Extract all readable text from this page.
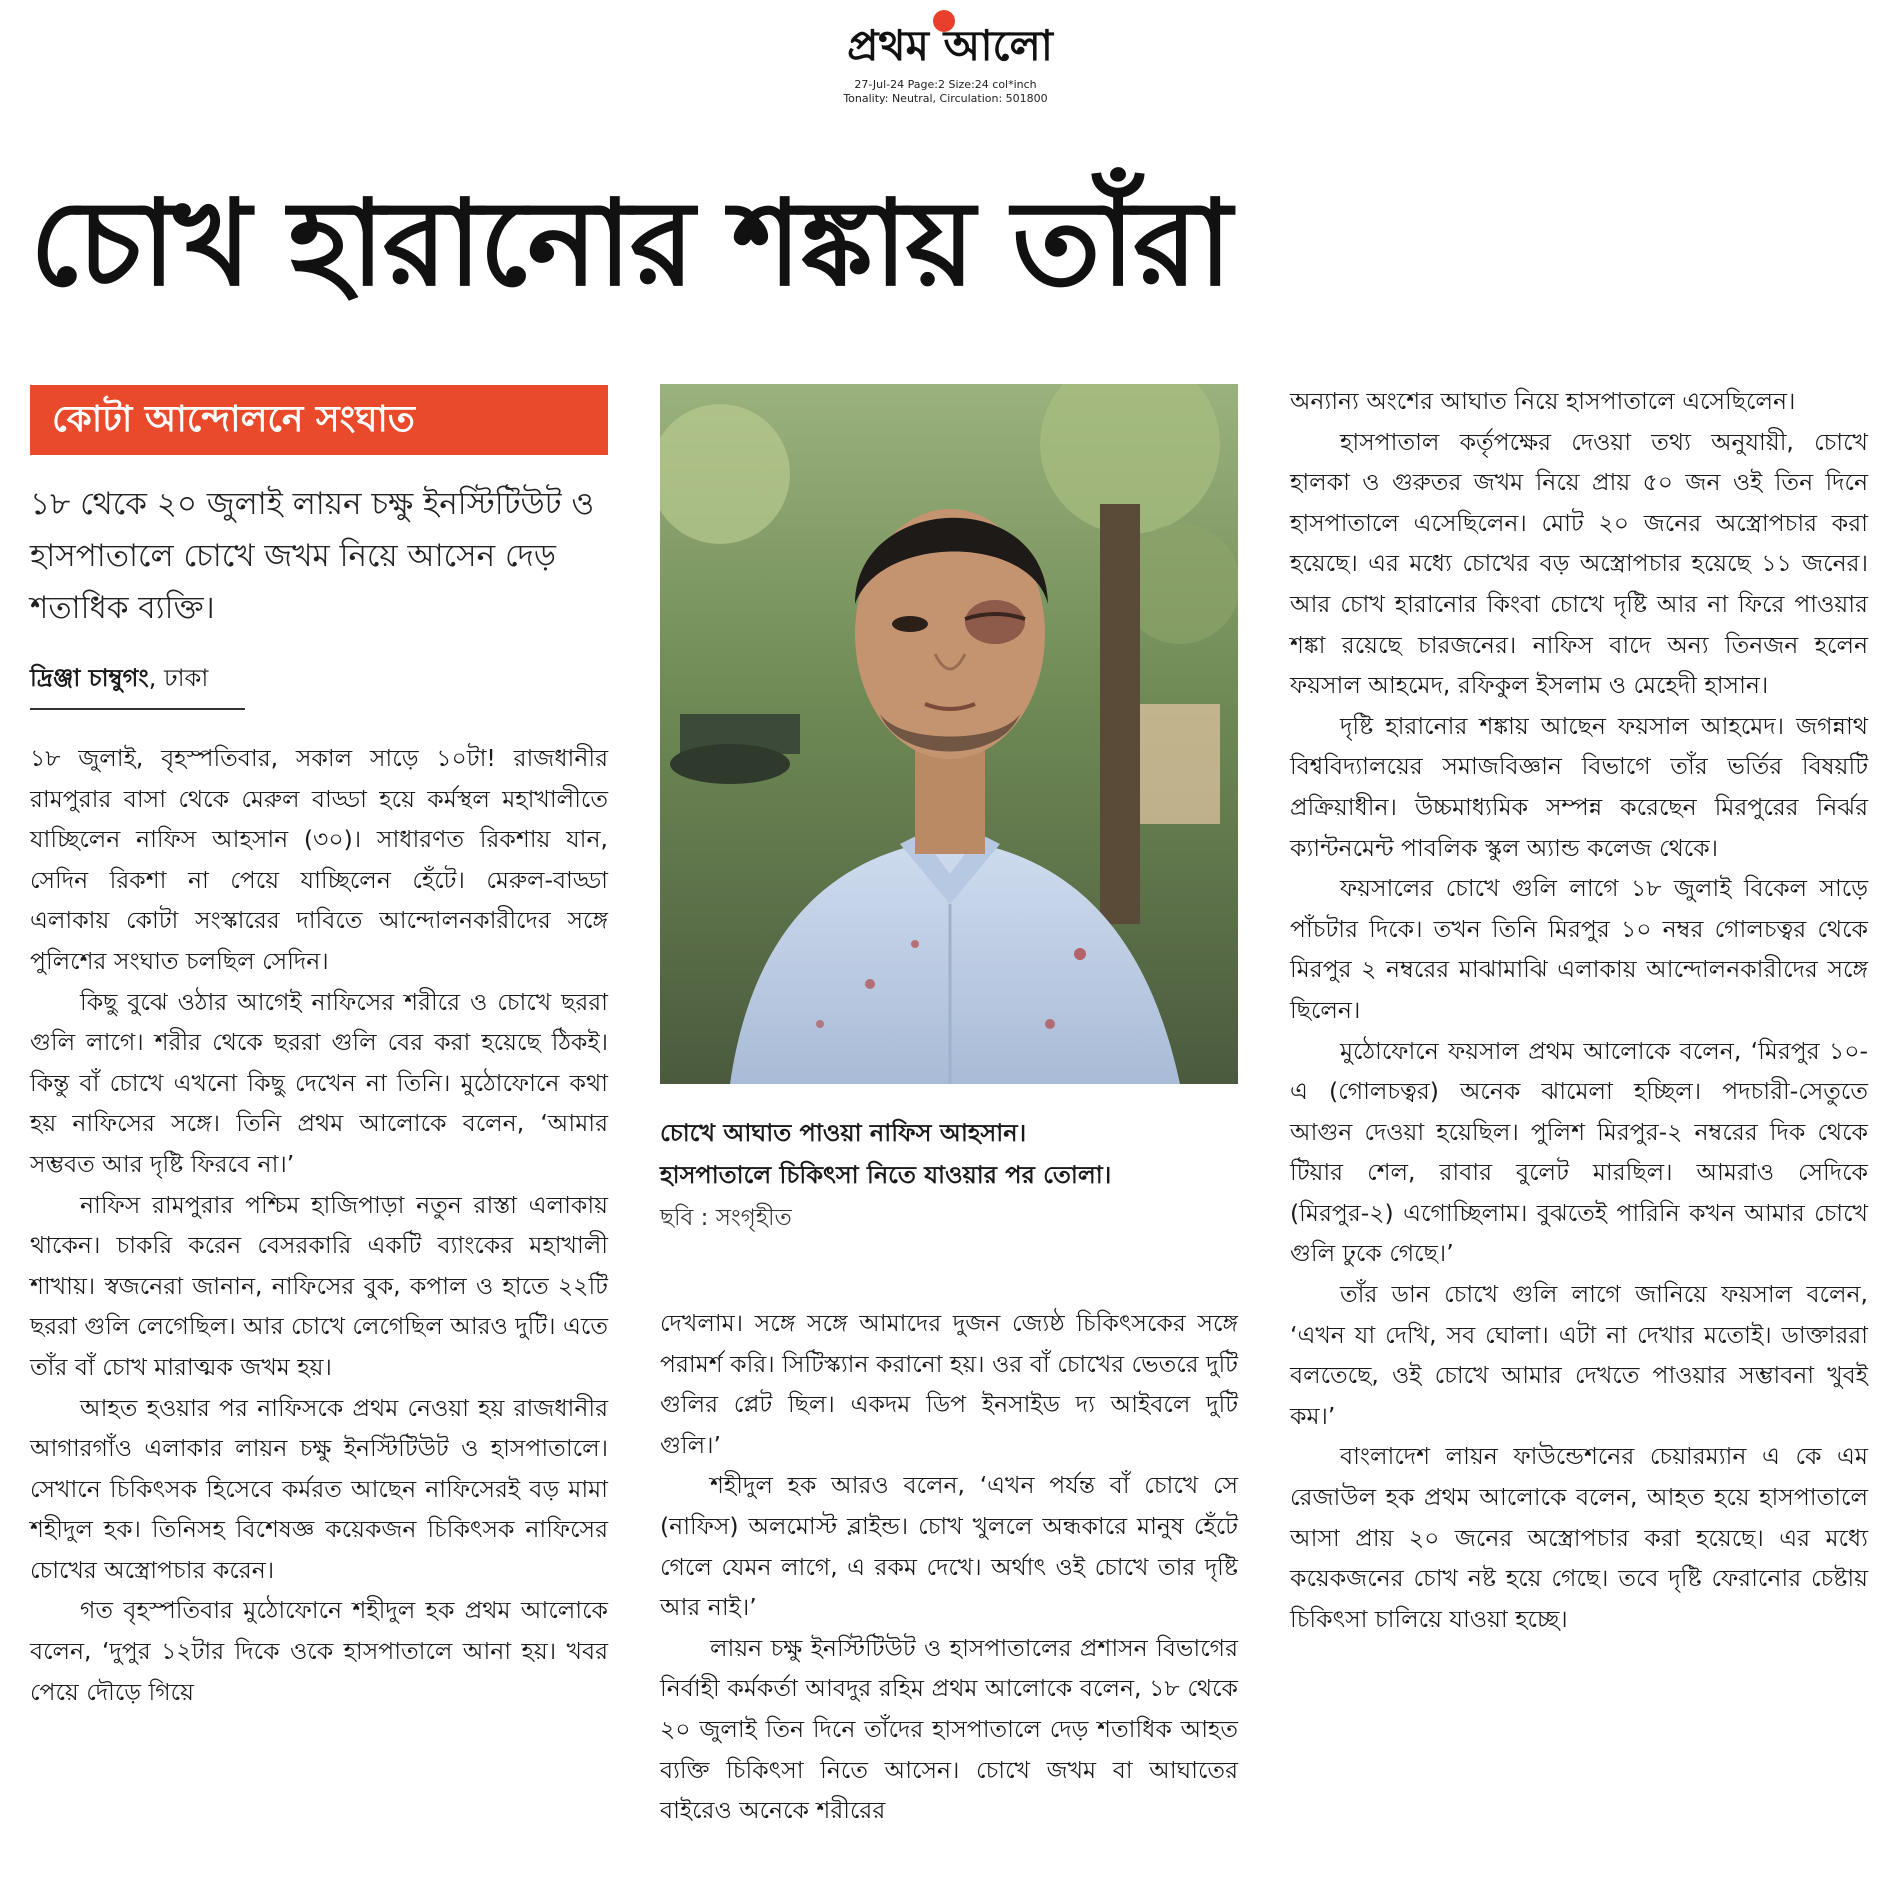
প্রথম আলো
27-Jul-24 Page:2 Size:24 col*inch
Tonality: Neutral, Circulation: 501800
চোখ হারানোর শঙ্কায় তাঁরা
কোটা আন্দোলনে সংঘাত
১৮ থেকে ২০ জুলাই লায়ন চক্ষু ইনস্টিটিউট ও হাসপাতালে চোখে জখম নিয়ে আসেন দেড় শতাধিক ব্যক্তি।
দ্রিঞ্জা চাম্বুগং, ঢাকা

১৮ জুলাই, বৃহস্পতিবার, সকাল সাড়ে ১০টা! রাজধানীর রামপুরার বাসা থেকে মেরুল বাড্ডা হয়ে কর্মস্থল মহাখালীতে যাচ্ছিলেন নাফিস আহসান (৩০)। সাধারণত রিকশায় যান, সেদিন রিকশা না পেয়ে যাচ্ছিলেন হেঁটে। মেরুল-বাড্ডা এলাকায় কোটা সংস্কারের দাবিতে আন্দোলনকারীদের সঙ্গে পুলিশের সংঘাত চলছিল সেদিন।

কিছু বুঝে ওঠার আগেই নাফিসের শরীরে ও চোখে ছররা গুলি লাগে। শরীর থেকে ছররা গুলি বের করা হয়েছে ঠিকই। কিন্তু বাঁ চোখে এখনো কিছু দেখেন না তিনি। মুঠোফোনে কথা হয় নাফিসের সঙ্গে। তিনি প্রথম আলোকে বলেন, ‘আমার সম্ভবত আর দৃষ্টি ফিরবে না।’

নাফিস রামপুরার পশ্চিম হাজিপাড়া নতুন রাস্তা এলাকায় থাকেন। চাকরি করেন বেসরকারি একটি ব্যাংকের মহাখালী শাখায়। স্বজনেরা জানান, নাফিসের বুক, কপাল ও হাতে ২২টি ছররা গুলি লেগেছিল। আর চোখে লেগেছিল আরও দুটি। এতে তাঁর বাঁ চোখ মারাত্মক জখম হয়।

আহত হওয়ার পর নাফিসকে প্রথম নেওয়া হয় রাজধানীর আগারগাঁও এলাকার লায়ন চক্ষু ইনস্টিটিউট ও হাসপাতালে। সেখানে চিকিৎসক হিসেবে কর্মরত আছেন নাফিসেরই বড় মামা শহীদুল হক। তিনিসহ বিশেষজ্ঞ কয়েকজন চিকিৎসক নাফিসের চোখের অস্ত্রোপচার করেন।

গত বৃহস্পতিবার মুঠোফোনে শহীদুল হক প্রথম আলোকে বলেন, ‘দুপুর ১২টার দিকে ওকে হাসপাতালে আনা হয়। খবর পেয়ে দৌড়ে গিয়ে

চোখে আঘাত পাওয়া নাফিস আহসান।
হাসপাতালে চিকিৎসা নিতে যাওয়ার পর তোলা।
ছবি : সংগৃহীত

দেখলাম। সঙ্গে সঙ্গে আমাদের দুজন জ্যেষ্ঠ চিকিৎসকের সঙ্গে পরামর্শ করি। সিটিস্ক্যান করানো হয়। ওর বাঁ চোখের ভেতরে দুটি গুলির প্লেট ছিল। একদম ডিপ ইনসাইড দ্য আইবলে দুটি গুলি।’

শহীদুল হক আরও বলেন, ‘এখন পর্যন্ত বাঁ চোখে সে (নাফিস) অলমোস্ট ব্লাইন্ড। চোখ খুললে অন্ধকারে মানুষ হেঁটে গেলে যেমন লাগে, এ রকম দেখে। অর্থাৎ ওই চোখে তার দৃষ্টি আর নাই।’

লায়ন চক্ষু ইনস্টিটিউট ও হাসপাতালের প্রশাসন বিভাগের নির্বাহী কর্মকর্তা আবদুর রহিম প্রথম আলোকে বলেন, ১৮ থেকে ২০ জুলাই তিন দিনে তাঁদের হাসপাতালে দেড় শতাধিক আহত ব্যক্তি চিকিৎসা নিতে আসেন। চোখে জখম বা আঘাতের বাইরেও অনেকে শরীরের

অন্যান্য অংশের আঘাত নিয়ে হাসপাতালে এসেছিলেন।

হাসপাতাল কর্তৃপক্ষের দেওয়া তথ্য অনুযায়ী, চোখে হালকা ও গুরুতর জখম নিয়ে প্রায় ৫০ জন ওই তিন দিনে হাসপাতালে এসেছিলেন। মোট ২০ জনের অস্ত্রোপচার করা হয়েছে। এর মধ্যে চোখের বড় অস্ত্রোপচার হয়েছে ১১ জনের। আর চোখ হারানোর কিংবা চোখে দৃষ্টি আর না ফিরে পাওয়ার শঙ্কা রয়েছে চারজনের। নাফিস বাদে অন্য তিনজন হলেন ফয়সাল আহমেদ, রফিকুল ইসলাম ও মেহেদী হাসান।

দৃষ্টি হারানোর শঙ্কায় আছেন ফয়সাল আহমেদ। জগন্নাথ বিশ্ববিদ্যালয়ের সমাজবিজ্ঞান বিভাগে তাঁর ভর্তির বিষয়টি প্রক্রিয়াধীন। উচ্চমাধ্যমিক সম্পন্ন করেছেন মিরপুরের নির্ঝর ক্যান্টনমেন্ট পাবলিক স্কুল অ্যান্ড কলেজ থেকে।

ফয়সালের চোখে গুলি লাগে ১৮ জুলাই বিকেল সাড়ে পাঁচটার দিকে। তখন তিনি মিরপুর ১০ নম্বর গোলচত্বর থেকে মিরপুর ২ নম্বরের মাঝামাঝি এলাকায় আন্দোলনকারীদের সঙ্গে ছিলেন।

মুঠোফোনে ফয়সাল প্রথম আলোকে বলেন, ‘মিরপুর ১০-এ (গোলচত্বর) অনেক ঝামেলা হচ্ছিল। পদচারী-সেতুতে আগুন দেওয়া হয়েছিল। পুলিশ মিরপুর-২ নম্বরের দিক থেকে টিয়ার শেল, রাবার বুলেট মারছিল। আমরাও সেদিকে (মিরপুর-২) এগোচ্ছিলাম। বুঝতেই পারিনি কখন আমার চোখে গুলি ঢুকে গেছে।’

তাঁর ডান চোখে গুলি লাগে জানিয়ে ফয়সাল বলেন, ‘এখন যা দেখি, সব ঘোলা। এটা না দেখার মতোই। ডাক্তাররা বলতেছে, ওই চোখে আমার দেখতে পাওয়ার সম্ভাবনা খুবই কম।’

বাংলাদেশ লায়ন ফাউন্ডেশনের চেয়ারম্যান এ কে এম রেজাউল হক প্রথম আলোকে বলেন, আহত হয়ে হাসপাতালে আসা প্রায় ২০ জনের অস্ত্রোপচার করা হয়েছে। এর মধ্যে কয়েকজনের চোখ নষ্ট হয়ে গেছে। তবে দৃষ্টি ফেরানোর চেষ্টায় চিকিৎসা চালিয়ে যাওয়া হচ্ছে।
